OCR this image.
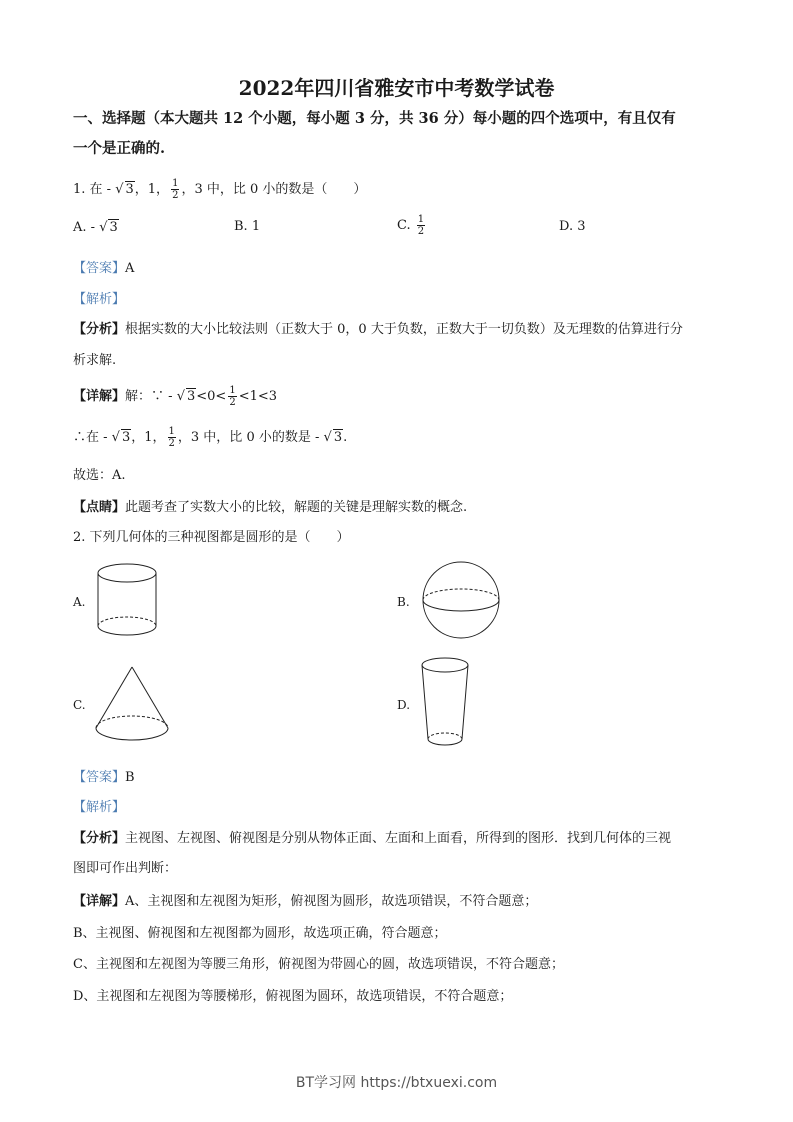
2022年四川省雅安市中考数学试卷
一、选择题（本大题共 12 个小题，每小题 3 分，共 36 分）每小题的四个选项中，有且仅有
一个是正确的.
1. 在 - √ 3，1， $\frac{1}{2}$ ，3 中，比 0 小的数是（　　）
A. - √ 3	B. 1	C. $\frac{1}{2}$	D. 3
【答案】A
【解析】
【分析】根据实数的大小比较法则（正数大于 0，0 大于负数，正数大于一切负数）及无理数的估算进行分
析求解.
【详解】解：∵ - √ $3<0< \frac{1}{2} <1<3$
∴在 - √ 3，1， $\frac{1}{2}$ ，3 中，比 0 小的数是 - √ 3.
故选：A.
【点睛】此题考查了实数大小的比较，解题的关键是理解实数的概念.
2. 下列几何体的三种视图都是圆形的是（　　）
A.	B.
C.	D.
【答案】B
【解析】
【分析】主视图、左视图、俯视图是分别从物体正面、左面和上面看，所得到的图形．找到几何体的三视
图即可作出判断：
【详解】A、主视图和左视图为矩形，俯视图为圆形，故选项错误，不符合题意；
B、主视图、俯视图和左视图都为圆形，故选项正确，符合题意；
C、主视图和左视图为等腰三角形，俯视图为带圆心的圆，故选项错误，不符合题意；
D、主视图和左视图为等腰梯形，俯视图为圆环，故选项错误，不符合题意；
BT学习网 https://btxuexi.com
